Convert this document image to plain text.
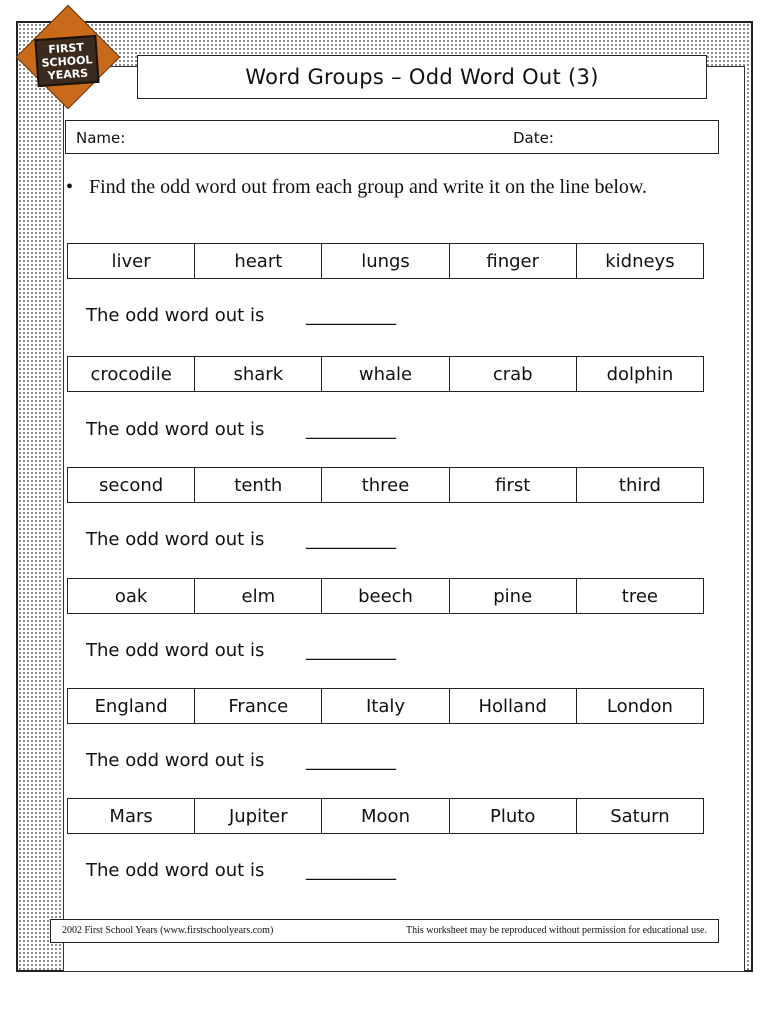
FIRST
SCHOOL
YEARS	Word Groups – Odd Word Out (3)
Name:	Date:
• Find the odd word out from each group and write it on the line below.
liver	heart	lungs	finger	kidneys
The odd word out is __________
crocodile	shark	whale	crab	dolphin
The odd word out is __________
second	tenth	three	first	third
The odd word out is __________
oak	elm	beech	pine	tree
The odd word out is __________
England	France	Italy	Holland	London
The odd word out is __________
Mars	Jupiter	Moon	Pluto	Saturn
The odd word out is __________
2002 First School Years (www.firstschoolyears.com)	This worksheet may be reproduced without permission for educational use.
